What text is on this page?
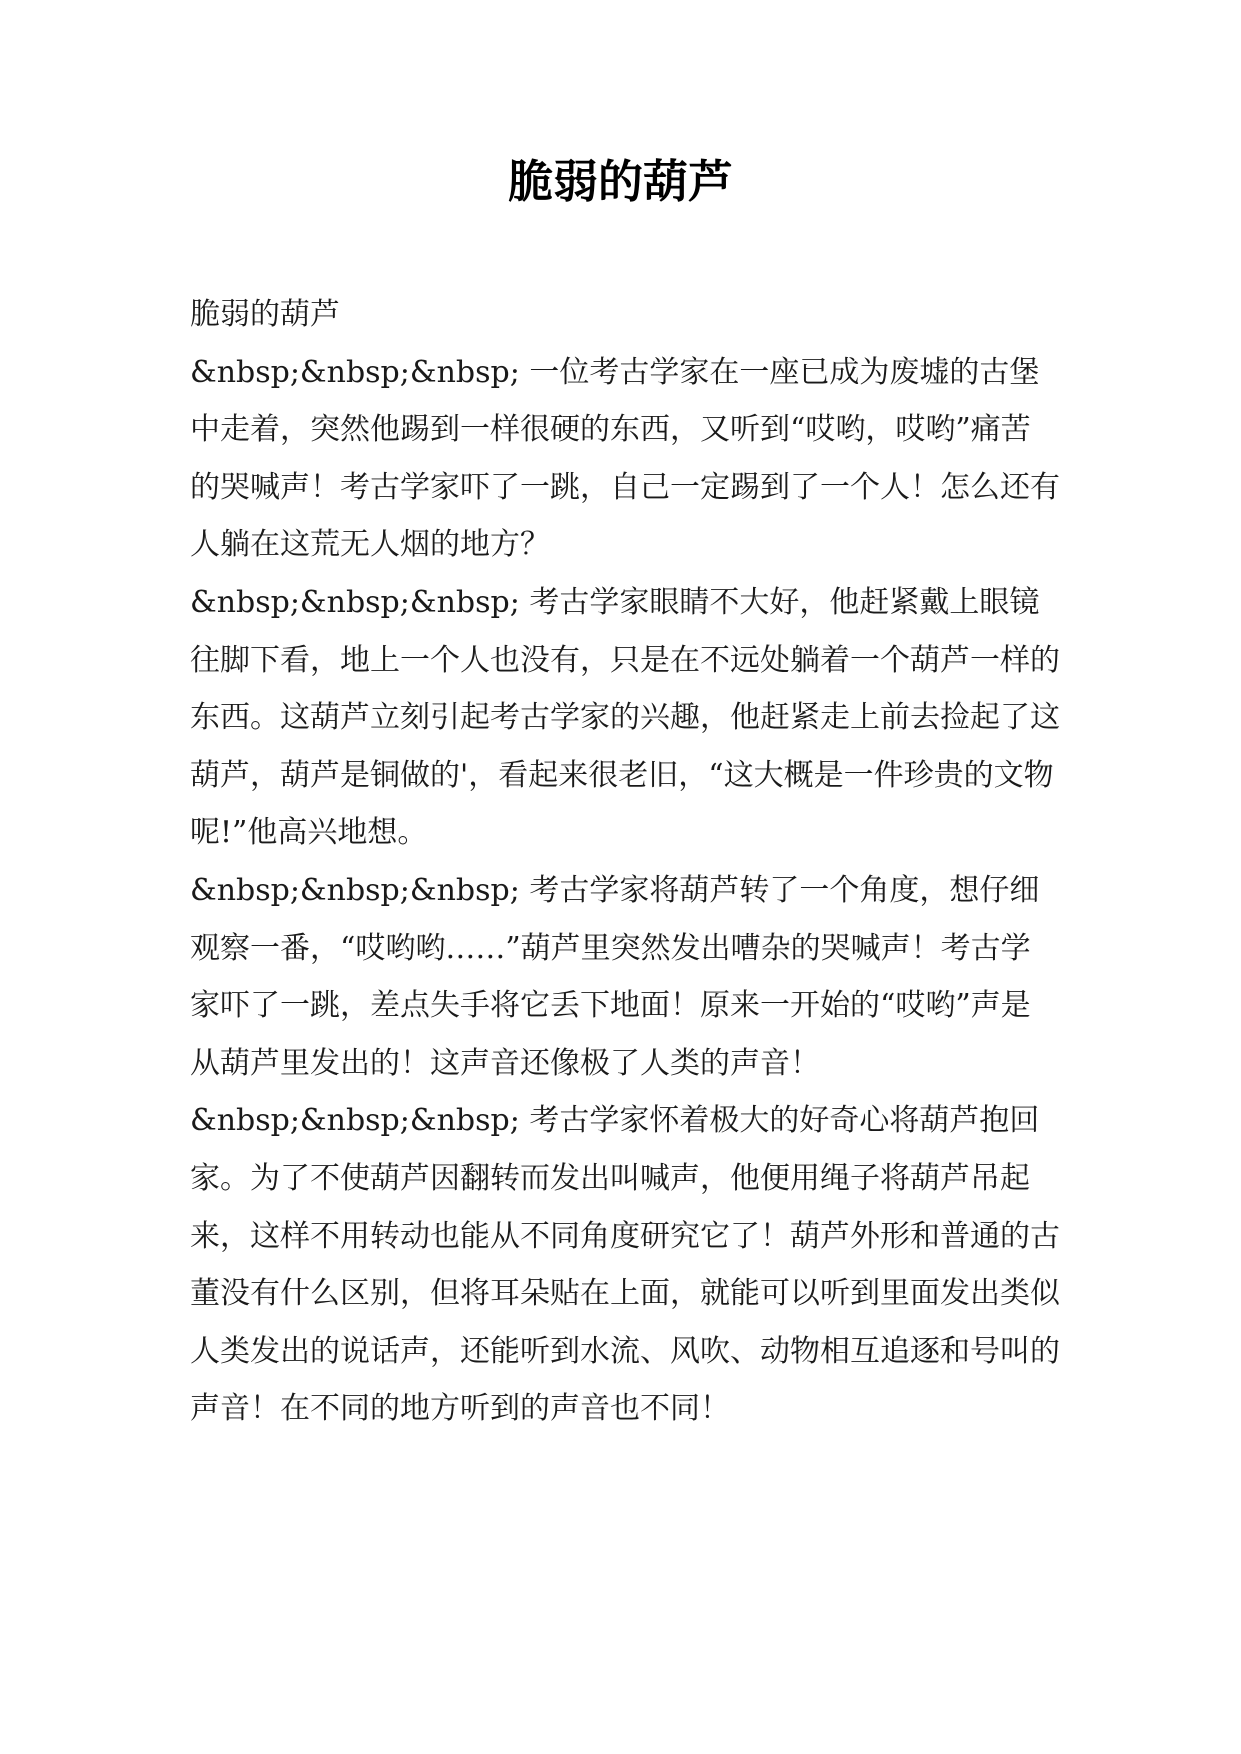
脆弱的葫芦

脆弱的葫芦

&nbsp;&nbsp;&nbsp; 一位考古学家在一座已成为废墟的古堡中走着，突然他踢到一样很硬的东西，又听到“哎哟，哎哟”痛苦的哭喊声！考古学家吓了一跳，自己一定踢到了一个人！怎么还有人躺在这荒无人烟的地方？

&nbsp;&nbsp;&nbsp; 考古学家眼睛不大好，他赶紧戴上眼镜往脚下看，地上一个人也没有，只是在不远处躺着一个葫芦一样的东西。这葫芦立刻引起考古学家的兴趣，他赶紧走上前去捡起了这葫芦，葫芦是铜做的'，看起来很老旧，“这大概是一件珍贵的文物呢!”他高兴地想。

&nbsp;&nbsp;&nbsp; 考古学家将葫芦转了一个角度，想仔细观察一番，“哎哟哟……”葫芦里突然发出嘈杂的哭喊声！考古学家吓了一跳，差点失手将它丢下地面！原来一开始的“哎哟”声是从葫芦里发出的！这声音还像极了人类的声音！

&nbsp;&nbsp;&nbsp; 考古学家怀着极大的好奇心将葫芦抱回家。为了不使葫芦因翻转而发出叫喊声，他便用绳子将葫芦吊起来，这样不用转动也能从不同角度研究它了！葫芦外形和普通的古董没有什么区别，但将耳朵贴在上面，就能可以听到里面发出类似人类发出的说话声，还能听到水流、风吹、动物相互追逐和号叫的声音！在不同的地方听到的声音也不同！
